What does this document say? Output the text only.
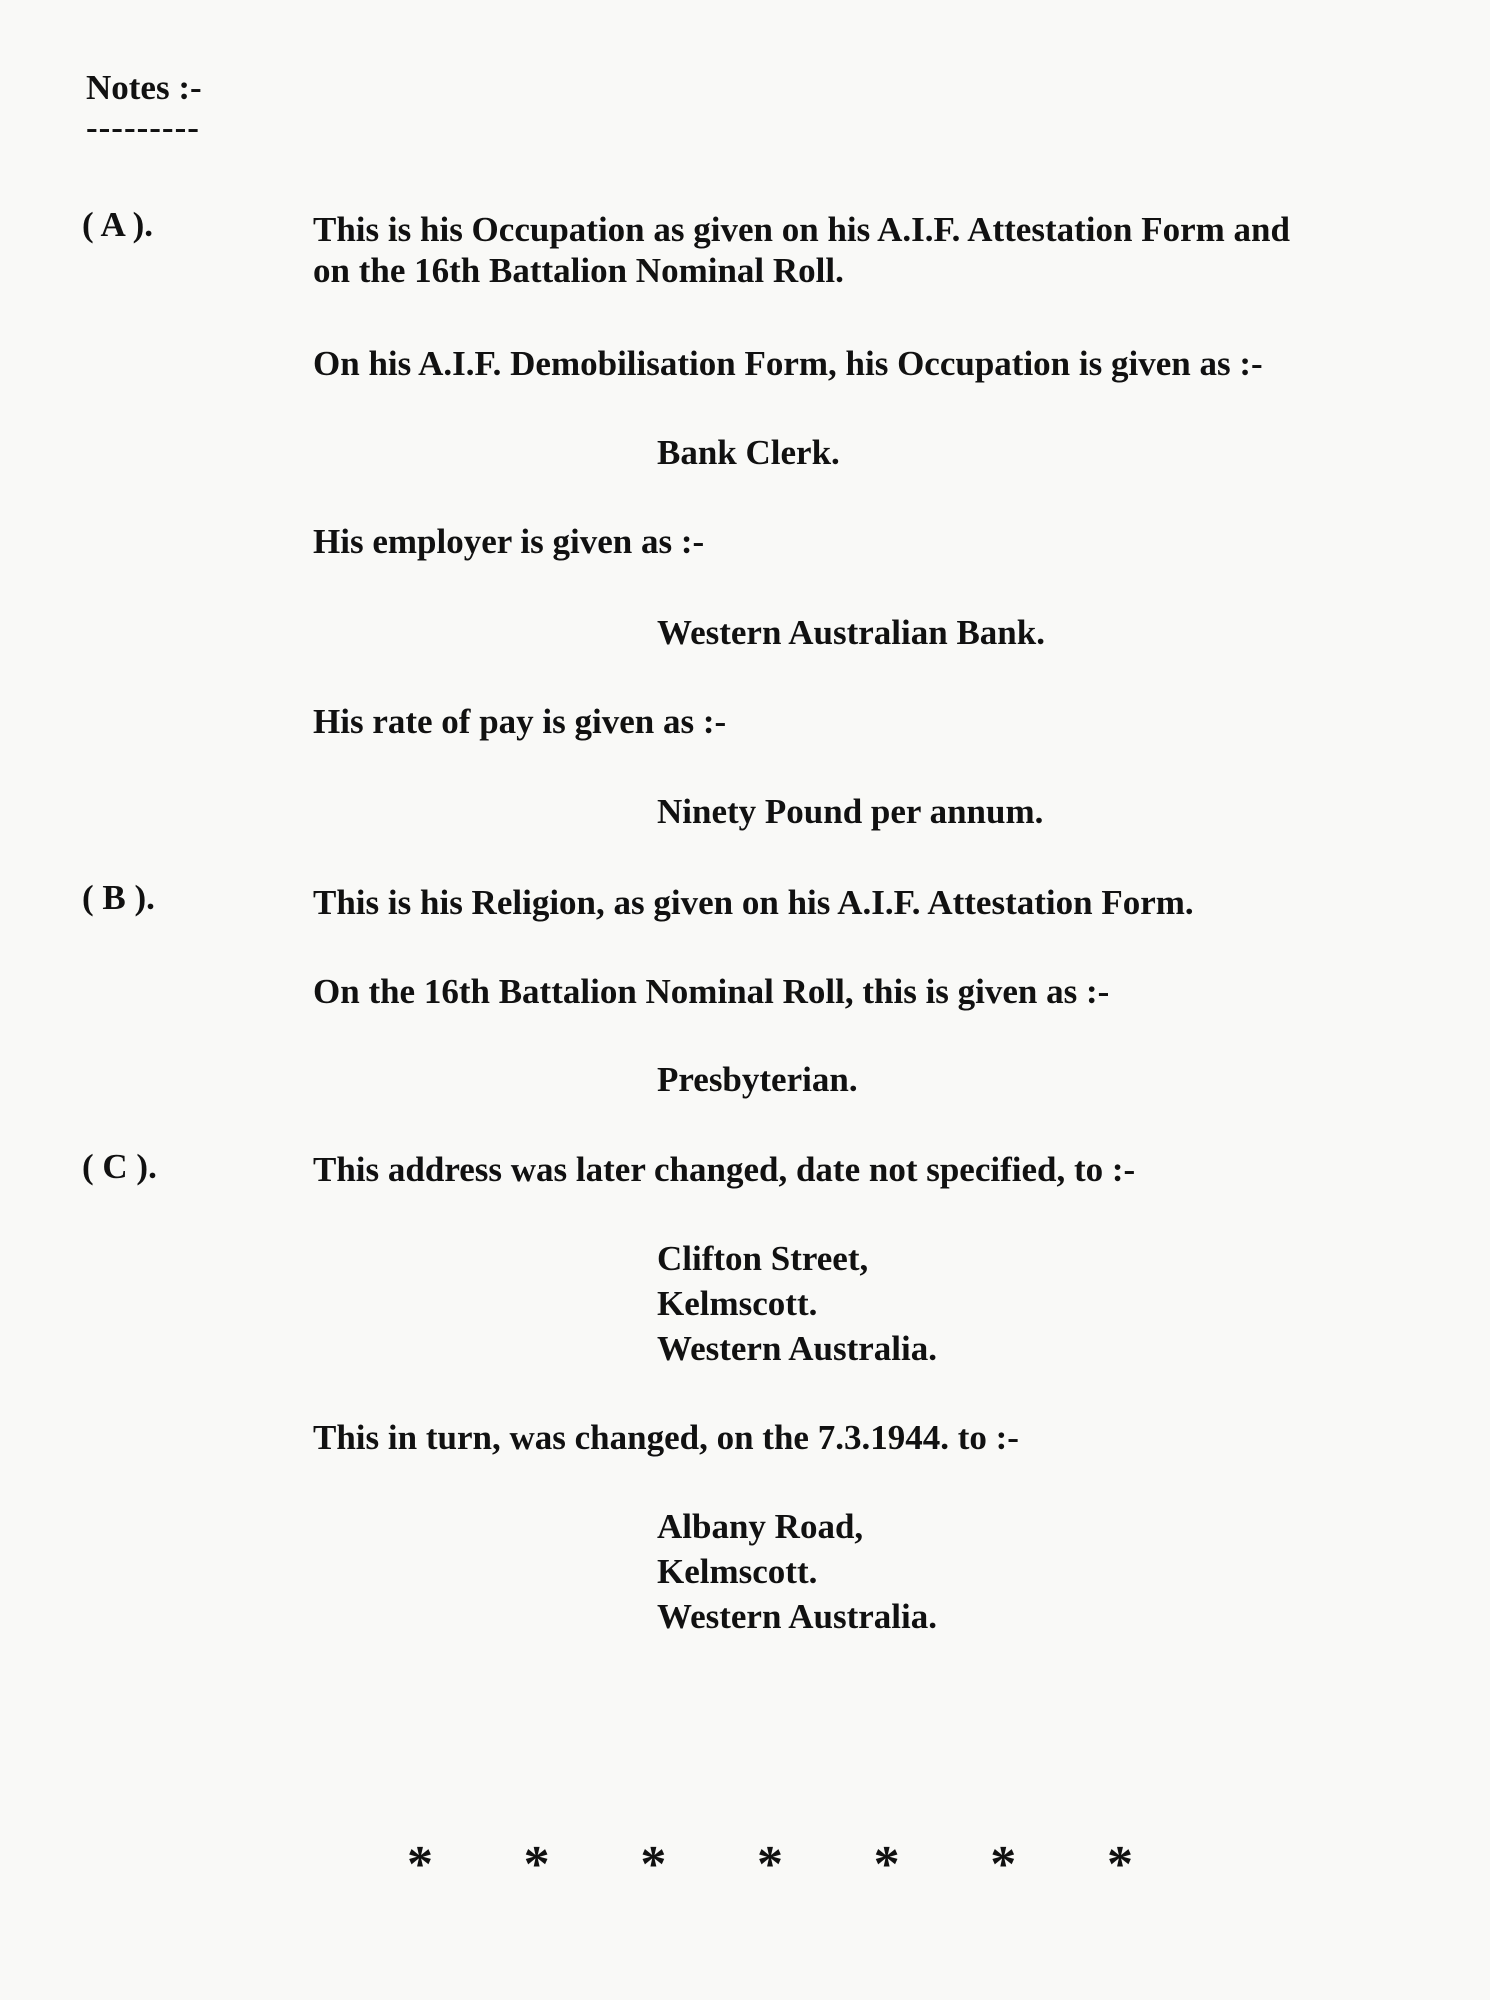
Notes :-
---------
( A ).	This is his Occupation as given on his A.I.F. Attestation Form and
on the 16th Battalion Nominal Roll.
On his A.I.F. Demobilisation Form, his Occupation is given as :-
Bank Clerk.
His employer is given as :-
Western Australian Bank.
His rate of pay is given as :-
Ninety Pound per annum.
( B ).	This is his Religion, as given on his A.I.F. Attestation Form.
On the 16th Battalion Nominal Roll, this is given as :-
Presbyterian.
( C ).	This address was later changed, date not specified, to :-
Clifton Street,
Kelmscott.
Western Australia.
This in turn, was changed, on the 7.3.1944. to :-
Albany Road,
Kelmscott.
Western Australia.
* * * * * * *
